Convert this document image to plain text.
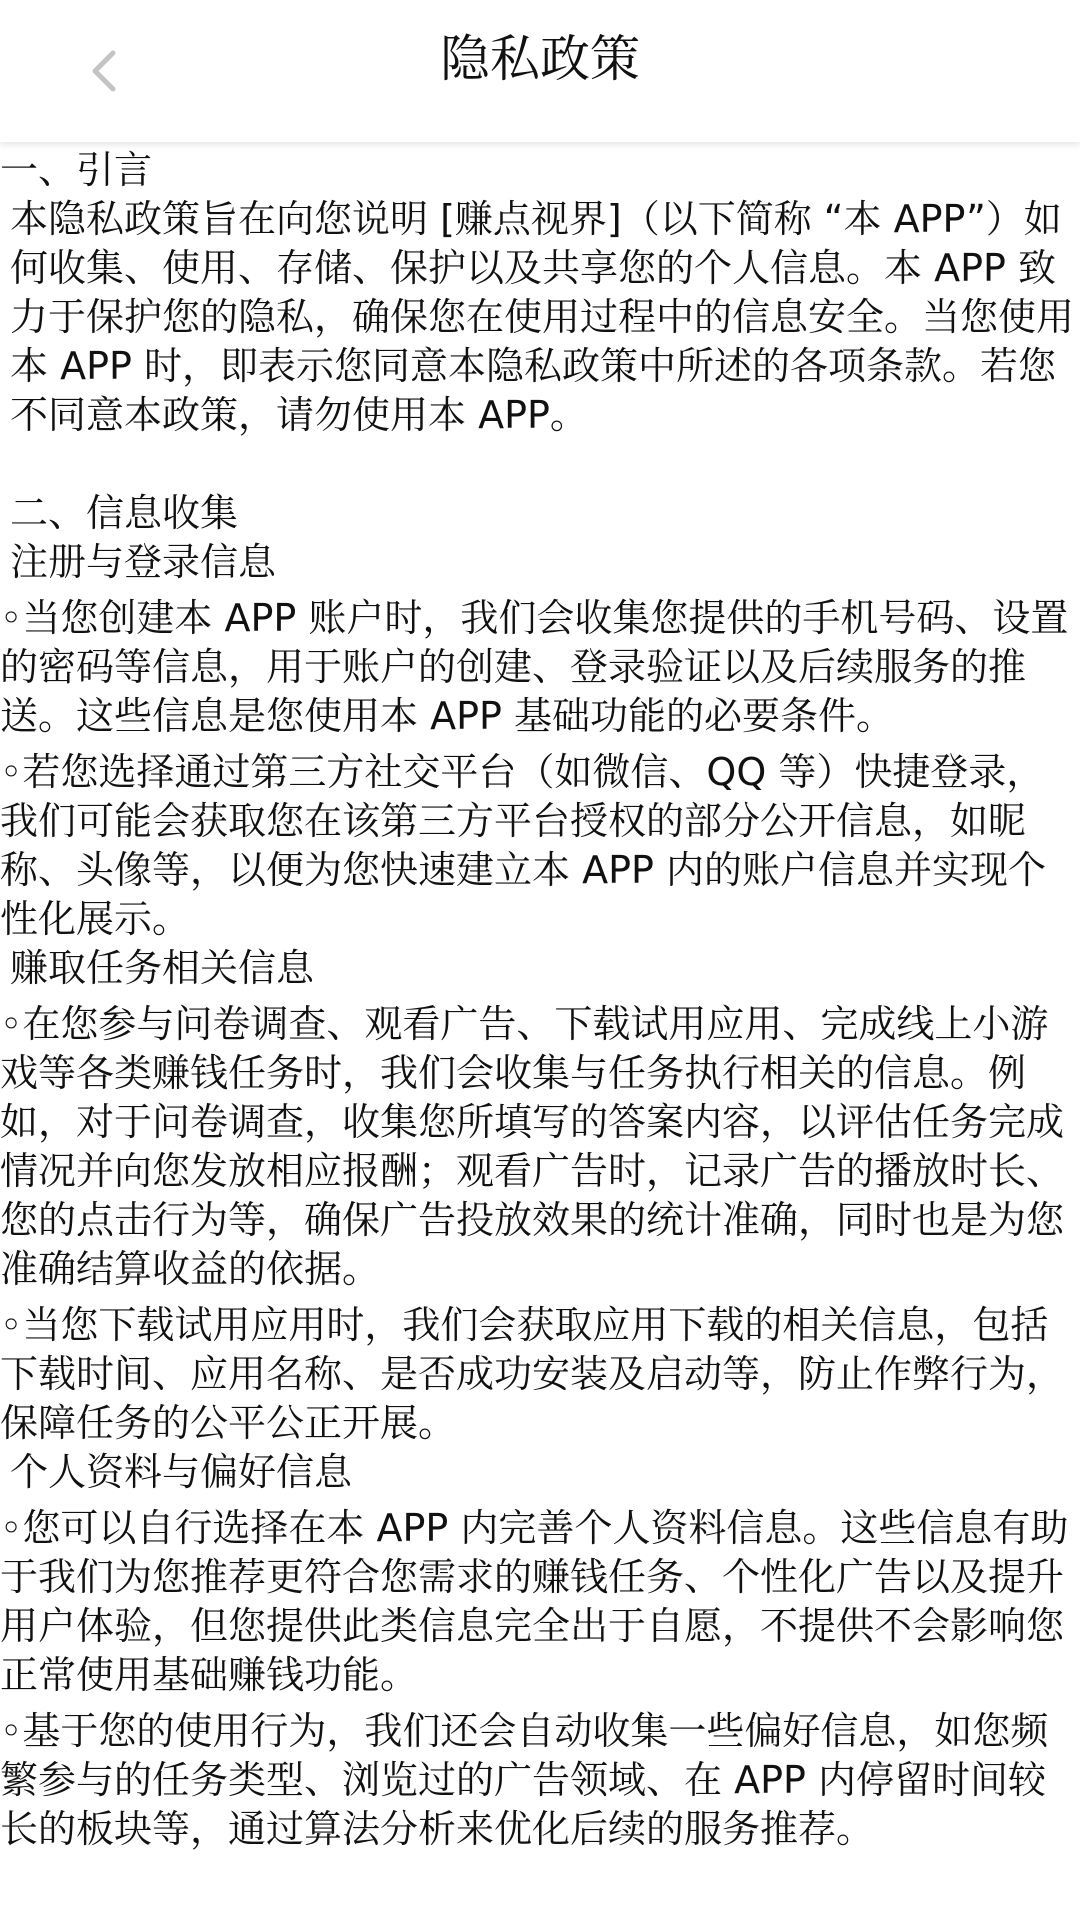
隐私政策

一、引言

本隐私政策旨在向您说明 [赚点视界]（以下简称 “本 APP”）如何收集、使用、存储、保护以及共享您的个人信息。本 APP 致力于保护您的隐私，确保您在使用过程中的信息安全。当您使用本 APP 时，即表示您同意本隐私政策中所述的各项条款。若您不同意本政策，请勿使用本 APP。

二、信息收集

注册与登录信息

◦当您创建本 APP 账户时，我们会收集您提供的手机号码、设置的密码等信息，用于账户的创建、登录验证以及后续服务的推送。这些信息是您使用本 APP 基础功能的必要条件。

◦若您选择通过第三方社交平台（如微信、QQ 等）快捷登录，我们可能会获取您在该第三方平台授权的部分公开信息，如昵称、头像等，以便为您快速建立本 APP 内的账户信息并实现个性化展示。

赚取任务相关信息

◦在您参与问卷调查、观看广告、下载试用应用、完成线上小游戏等各类赚钱任务时，我们会收集与任务执行相关的信息。例如，对于问卷调查，收集您所填写的答案内容，以评估任务完成情况并向您发放相应报酬；观看广告时，记录广告的播放时长、您的点击行为等，确保广告投放效果的统计准确，同时也是为您准确结算收益的依据。

◦当您下载试用应用时，我们会获取应用下载的相关信息，包括下载时间、应用名称、是否成功安装及启动等，防止作弊行为，保障任务的公平公正开展。

个人资料与偏好信息

◦您可以自行选择在本 APP 内完善个人资料信息。这些信息有助于我们为您推荐更符合您需求的赚钱任务、个性化广告以及提升用户体验，但您提供此类信息完全出于自愿，不提供不会影响您正常使用基础赚钱功能。

◦基于您的使用行为，我们还会自动收集一些偏好信息，如您频繁参与的任务类型、浏览过的广告领域、在 APP 内停留时间较长的板块等，通过算法分析来优化后续的服务推荐。
